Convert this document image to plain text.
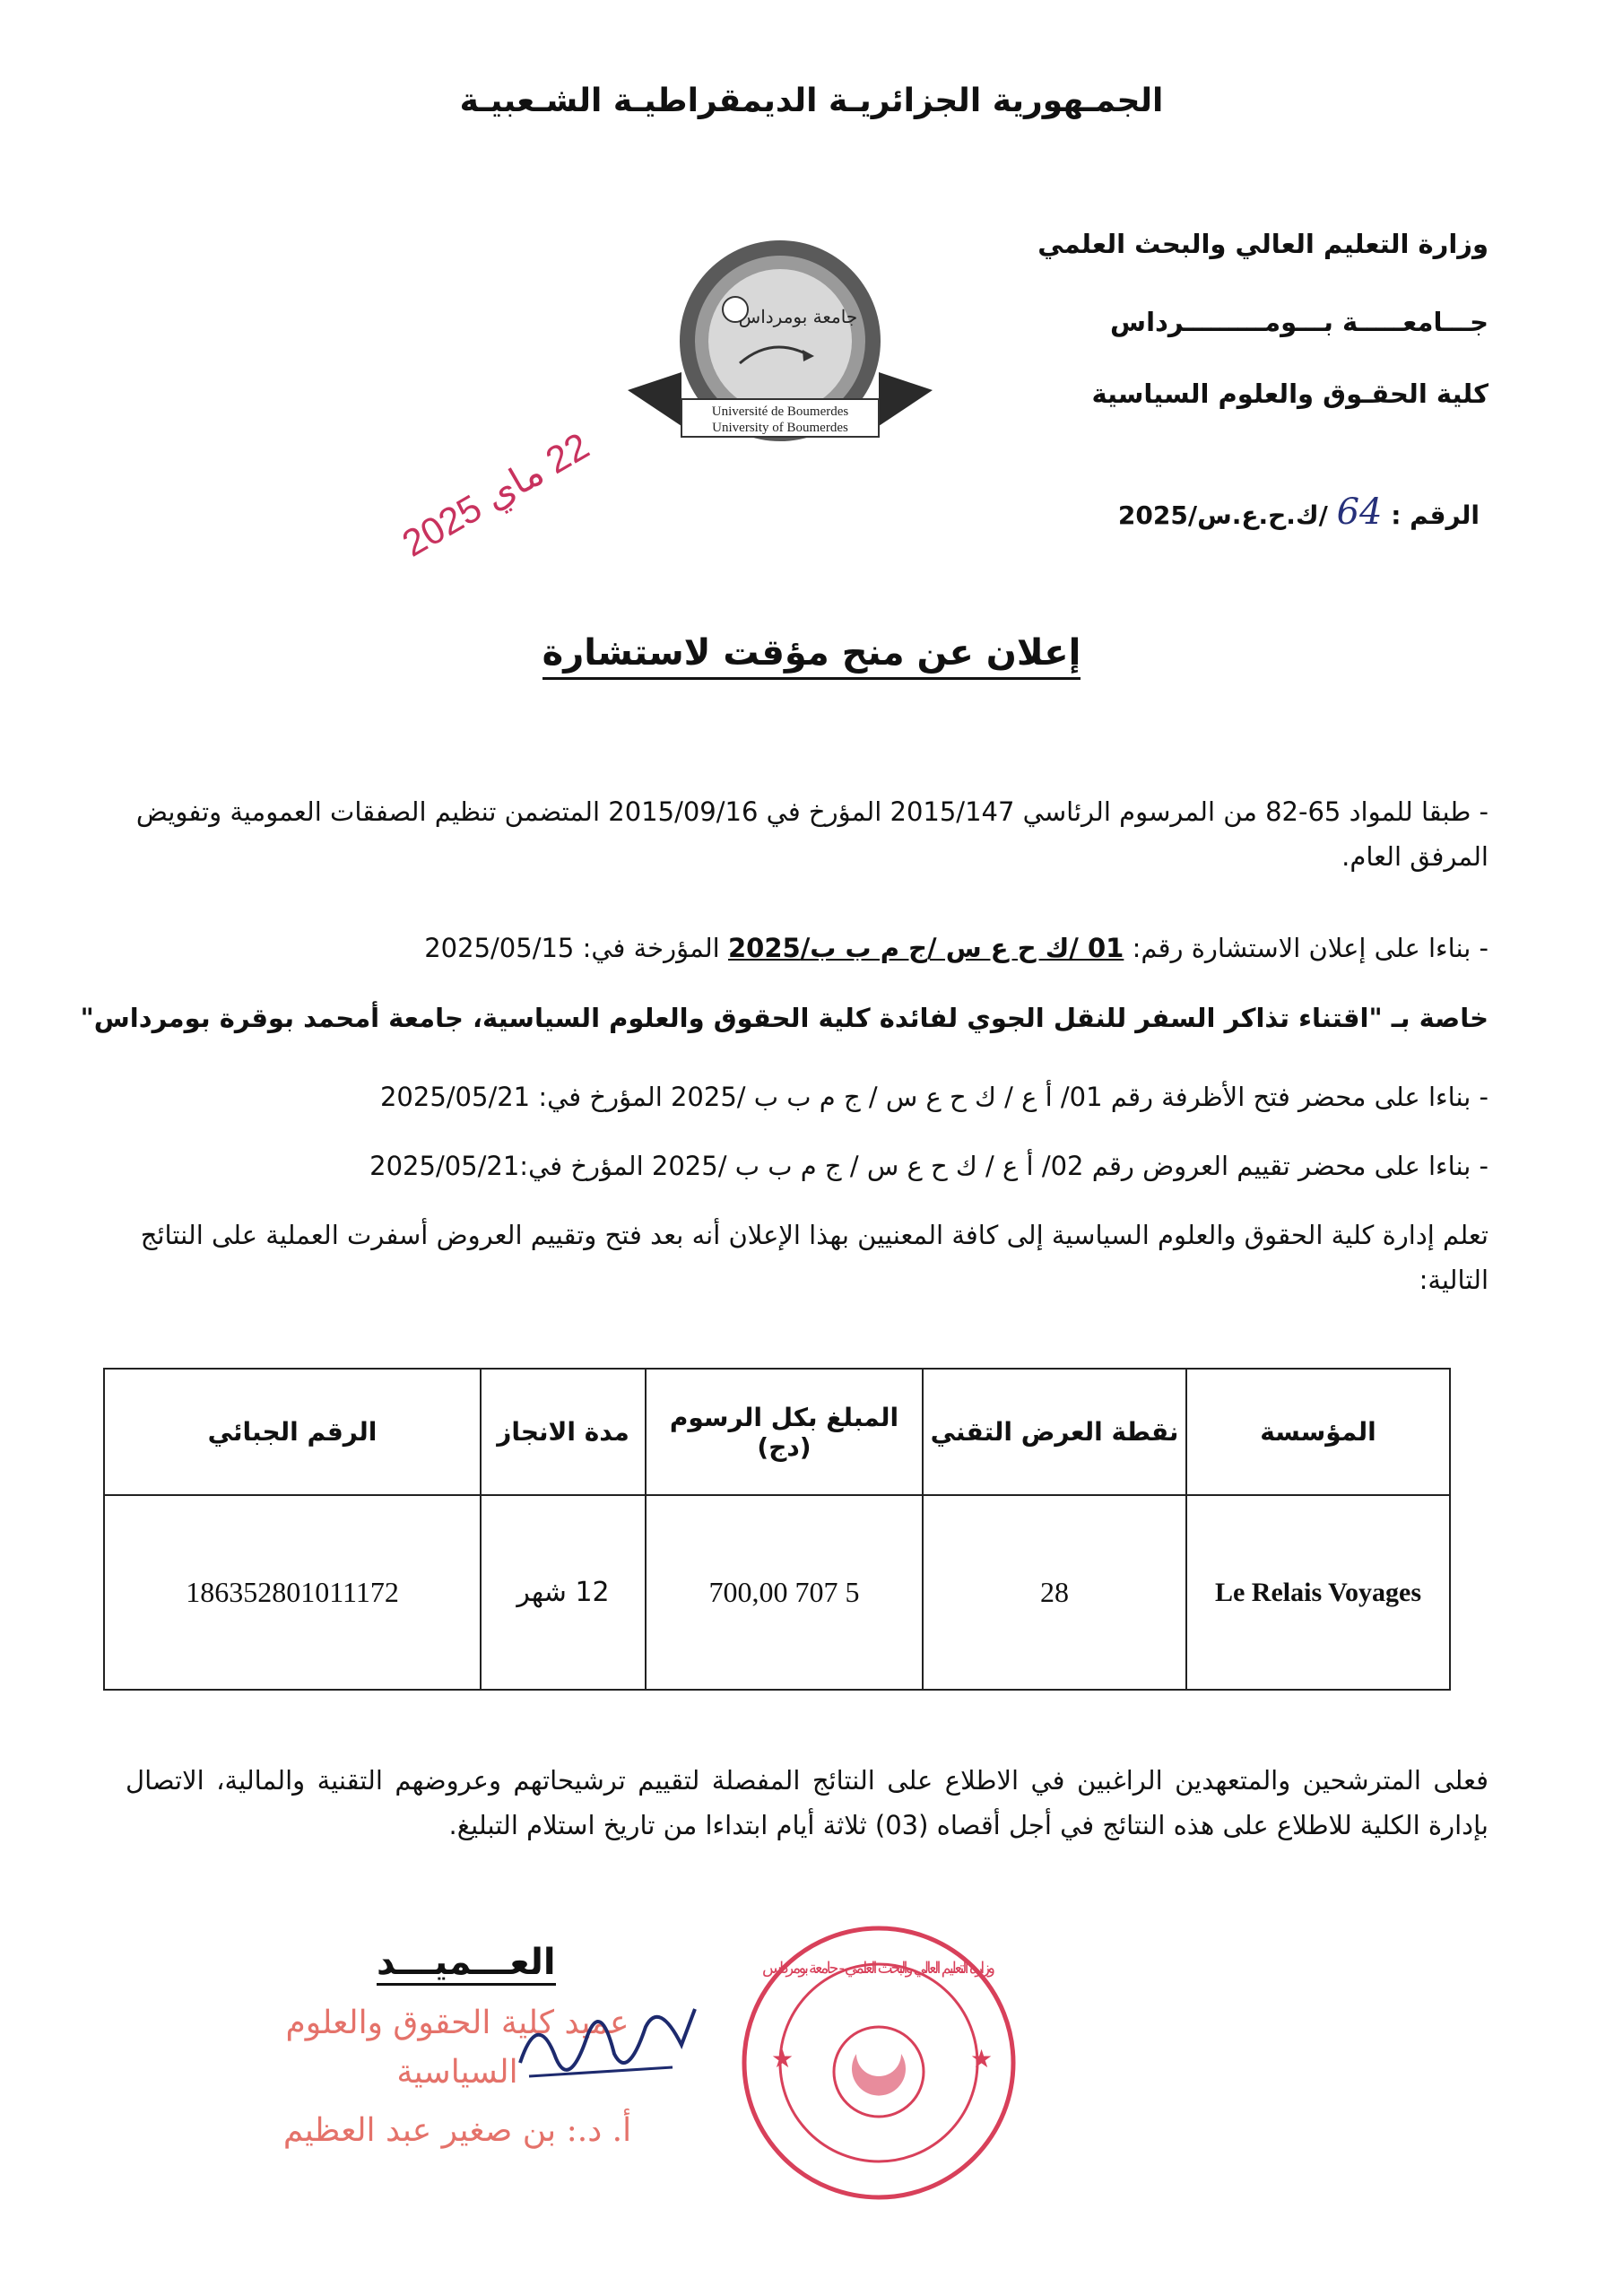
الجمـهورية الجزائريـة الديمقراطيـة الشـعبيـة
وزارة التعليم العالي والبحث العلمي
جـــامعـــــة بـــومـــــــــرداس
كلية الحقـوق والعلوم السياسية
جامعة بومرداس
Université de Boumerdes
University of Boumerdes
الرقم : 64 /ك.ح.ع.س/2025
22 ماي 2025
إعلان عن منح مؤقت لاستشارة
- طبقا للمواد 65-82 من المرسوم الرئاسي 2015/147 المؤرخ في 2015/09/16 المتضمن تنظيم الصفقات العمومية وتفويض المرفق العام.
- بناءا على إعلان الاستشارة رقم: 01 /ك ح ع س /ج م ب ب/2025 المؤرخة في: 2025/05/15
خاصة بـ "اقتناء تذاكر السفر للنقل الجوي لفائدة كلية الحقوق والعلوم السياسية، جامعة أمحمد بوقرة بومرداس"
- بناءا على محضر فتح الأظرفة رقم 01/ أ ع / ك ح ع س / ج م ب ب /2025 المؤرخ في: 2025/05/21
- بناءا على محضر تقييم العروض رقم 02/ أ ع / ك ح ع س / ج م ب ب /2025 المؤرخ في:2025/05/21
تعلم إدارة كلية الحقوق والعلوم السياسية إلى كافة المعنيين بهذا الإعلان أنه بعد فتح وتقييم العروض أسفرت العملية على النتائج التالية:
المؤسسة	نقطة العرض التقني	المبلغ بكل الرسوم (دج)	مدة الانجاز	الرقم الجبائي
Le Relais Voyages	28	5 707 700,00	12 شهر	186352801011172
فعلى المترشحين والمتعهدين الراغبين في الاطلاع على النتائج المفصلة لتقييم ترشيحاتهم وعروضهم التقنية والمالية، الاتصال بإدارة الكلية للاطلاع على هذه النتائج في أجل أقصاه (03) ثلاثة أيام ابتداءا من تاريخ استلام التبليغ.
العـــميـــد
عميد كلية الحقوق والعلوم
السياسية
أ. د.: بن صغير عبد العظيم
وزارة التعليم العالي والبحث العلمي - جامعة بومرداس
★	★
